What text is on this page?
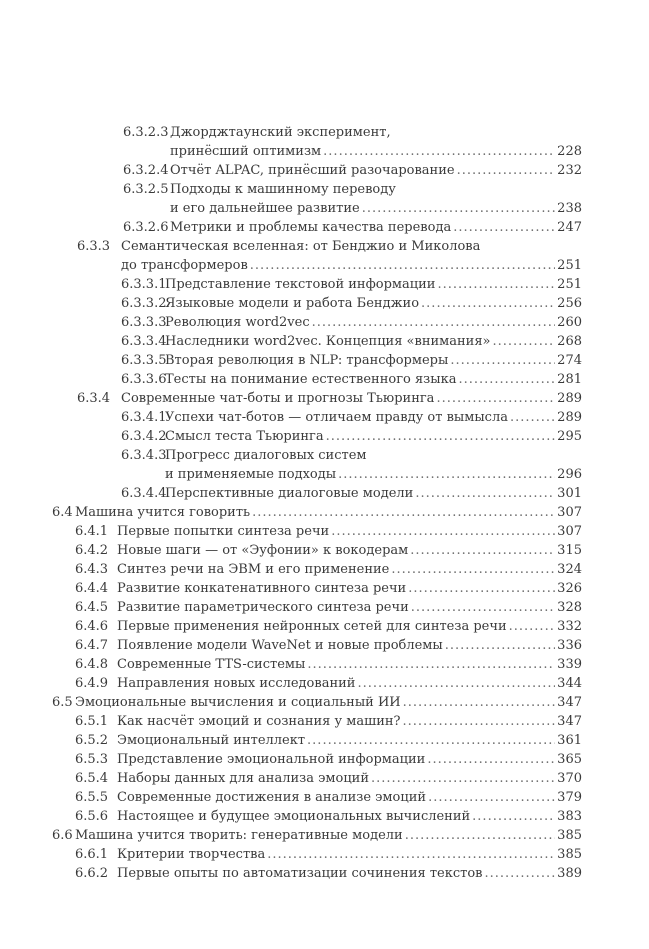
6.3.2.3 Джорджтаунский эксперимент,
принёсший оптимизм .....	228
6.3.2.4 Отчёт ALPAC, принёсший разочарование .....	232
6.3.2.5 Подходы к машинному переводу
и его дальнейшее развитие .....	238
6.3.2.6 Метрики и проблемы качества перевода .....	247
6.3.3 Семантическая вселенная: от Бенджио и Миколова
до трансформеров .....	251
6.3.3.1
Представление текстовой информации .....	251
6.3.3.2
Языковые модели и работа Бенджио .....	256
6.3.3.3
Революция word2vec .....	260
6.3.3.4
Наследники word2vec. Концепция «внимания» .....	268
6.3.3.5
Вторая революция в NLP: трансформеры .....	274
6.3.3.6
Тесты на понимание естественного языка .....	281
6.3.4 Современные чат-боты и прогнозы Тьюринга .....	289
6.3.4.1
Успехи чат-ботов — отличаем правду от вымысла .....	289
6.3.4.2
Смысл теста Тьюринга .....	295
6.3.4.3
Прогресс диалоговых систем
и применяемые подходы .....	296
6.3.4.4
Перспективные диалоговые модели .....	301
6.4 Машина учится говорить .....	307
6.4.1 Первые попытки синтеза речи .....	307
6.4.2 Новые шаги — от «Эуфонии» к вокодерам .....	315
6.4.3 Синтез речи на ЭВМ и его применение .....	324
6.4.4 Развитие конкатенативного синтеза речи .....	326
6.4.5 Развитие параметрического синтеза речи .....	328
6.4.6 Первые применения нейронных сетей для синтеза речи .....	332
6.4.7 Появление модели WaveNet и новые проблемы .....	336
6.4.8 Современные TTS-системы .....	339
6.4.9 Направления новых исследований .....	344
6.5 Эмоциональные вычисления и социальный ИИ .....	347
6.5.1 Как насчёт эмоций и сознания у машин? .....	347
6.5.2 Эмоциональный интеллект .....	361
6.5.3 Представление эмоциональной информации .....	365
6.5.4 Наборы данных для анализа эмоций .....	370
6.5.5 Современные достижения в анализе эмоций .....	379
6.5.6 Настоящее и будущее эмоциональных вычислений .....	383
6.6 Машина учится творить: генеративные модели .....	385
6.6.1 Критерии творчества .....	385
6.6.2 Первые опыты по автоматизации сочинения текстов .....	389
